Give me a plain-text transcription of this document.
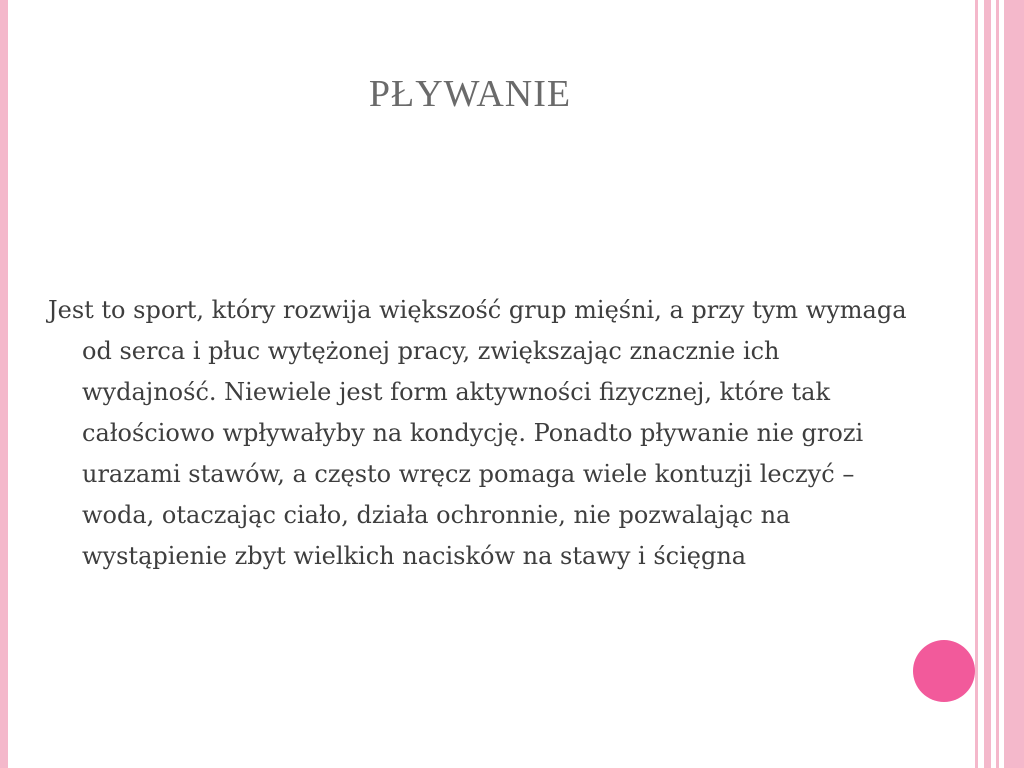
PŁYWANIE

Jest to sport, który rozwija większość grup mięśni, a przy tym wymaga od serca i płuc wytężonej pracy, zwiększając znacznie ich wydajność. Niewiele jest form aktywności fizycznej, które tak całościowo wpływałyby na kondycję. Ponadto pływanie nie grozi urazami stawów, a często wręcz pomaga wiele kontuzji leczyć – woda, otaczając ciało, działa ochronnie, nie pozwalając na wystąpienie zbyt wielkich nacisków na stawy i ścięgna
